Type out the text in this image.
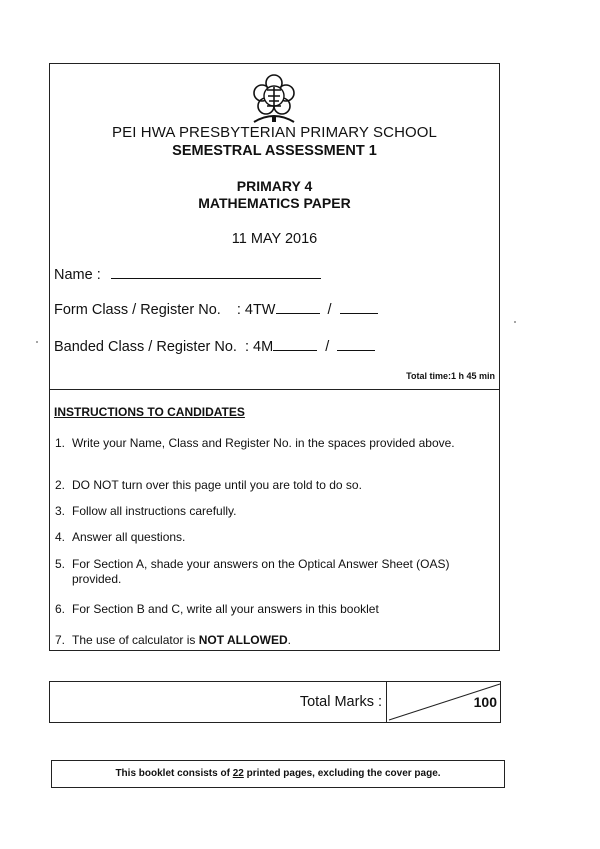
PEI HWA PRESBYTERIAN PRIMARY SCHOOL
SEMESTRAL ASSESSMENT 1
PRIMARY 4
MATHEMATICS PAPER
11 MAY 2016
Name :
Form Class / Register No. : 4TW	/
Banded Class / Register No. : 4M	/
Total time:1 h 45 min
INSTRUCTIONS TO CANDIDATES
1. Write your Name, Class and Register No. in the spaces provided above.
2. DO NOT turn over this page until you are told to do so.
3. Follow all instructions carefully.
4. Answer all questions.
5. For Section A, shade your answers on the Optical Answer Sheet (OAS) provided.
6. For Section B and C, write all your answers in this booklet
7. The use of calculator is NOT ALLOWED.
Total Marks :	100
This booklet consists of 22 printed pages, excluding the cover page.
